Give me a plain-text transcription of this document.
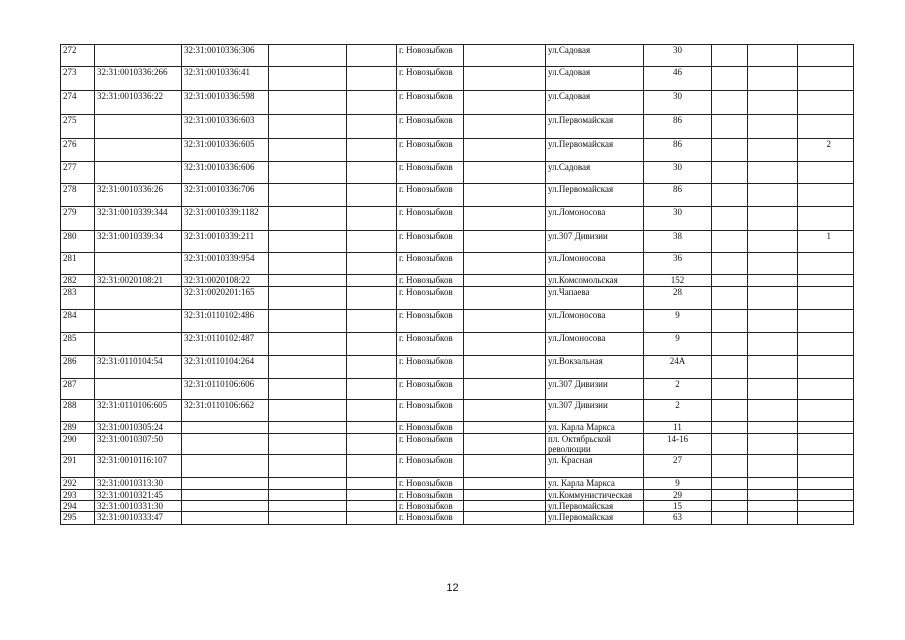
272		32:31:0010336:306			г. Новозыбков		ул.Садовая	30			
273	32:31:0010336:266	32:31:0010336:41			г. Новозыбков		ул.Садовая	46			
274	32:31:0010336:22	32:31:0010336:598			г. Новозыбков		ул.Садовая	30			
275		32:31:0010336:603			г. Новозыбков		ул.Первомайская	86			
276		32:31:0010336:605			г. Новозыбков		ул.Первомайская	86			2
277		32:31:0010336:606			г. Новозыбков		ул.Садовая	30			
278	32:31:0010336:26	32:31:0010336:706			г. Новозыбков		ул.Первомайская	86			
279	32:31:0010339:344	32:31:0010339:1182			г. Новозыбков		ул.Ломоносова	30			
280	32:31:0010339:34	32:31:0010339:211			г. Новозыбков		ул.307 Дивизии	38			1
281		32:31:0010339:954			г. Новозыбков		ул.Ломоносова	36			
282	32:31:0020108:21	32:31:0020108:22			г. Новозыбков		ул.Комсомольская	152			
283		32:31:0020201:165			г. Новозыбков		ул.Чапаева	28			
284		32:31:0110102:486			г. Новозыбков		ул.Ломоносова	9			
285		32:31:0110102:487			г. Новозыбков		ул.Ломоносова	9			
286	32:31:0110104:54	32:31:0110104:264			г. Новозыбков		ул.Вокзальная	24А			
287		32:31:0110106:606			г. Новозыбков		ул.307 Дивизии	2			
288	32:31:0110106:605	32:31:0110106:662			г. Новозыбков		ул.307 Дивизии	2			
289	32:31:0010305:24				г. Новозыбков		ул. Карла Маркса	11			
290	32:31:0010307:50				г. Новозыбков		пл. Октябрьской революции	14-16			
291	32:31:0010116:107				г. Новозыбков		ул. Красная	27			
292	32:31:0010313:30				г. Новозыбков		ул. Карла Маркса	9			
293	32:31:0010321:45				г. Новозыбков		ул.Коммунистическая	29			
294	32:31:0010331:30				г. Новозыбков		ул.Первомайская	15			
295	32:31:0010333:47				г. Новозыбков		ул.Первомайская	63			
12
